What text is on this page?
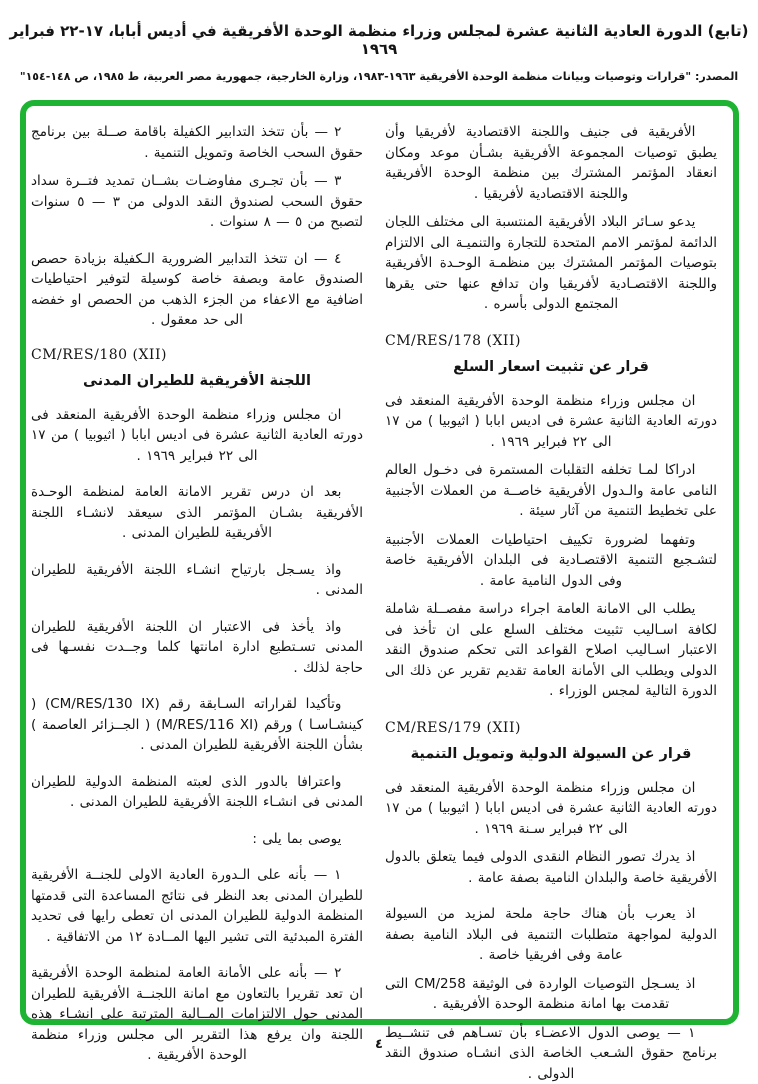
(تابع) الدورة العادية الثانية عشرة لمجلس وزراء منظمة الوحدة الأفريقية في أديس أبابا، ١٧-٢٢ فبراير ١٩٦٩
المصدر: "قرارات وتوصيات وبيانات منظمة الوحدة الأفريقية ١٩٦٣-١٩٨٣، وزارة الخارجية، جمهورية مصر العربية، ط ١٩٨٥، ص ١٤٨-١٥٤"

الأفريقية فى جنيف واللجنة الاقتصادية لأفريقيا وأن يطبق توصيات المجموعة الأفريقية بشـأن موعد ومكان انعقاد المؤتمر المشترك بين منظمة الوحدة الأفريقية واللجنة الاقتصادية لأفريقيا .

يدعو سـائر البلاد الأفريقية المنتسبة الى مختلف اللجان الدائمة لمؤتمر الامم المتحدة للتجارة والتنميـة الى الالتزام بتوصيات المؤتمر المشترك بين منظمـة الوحـدة الأفريقية واللجنة الاقتصـادية لأفريقيا وان تدافع عنها حتى يقرها المجتمع الدولى بأسره .

CM/RES/178 (XII)
قرار عن تثبيت اسعار السلع

ان مجلس وزراء منظمة الوحدة الأفريقية المنعقد فى دورته العادية الثانية عشرة فى اديس ابابا ( اثيوبيا ) من ١٧ الى ٢٢ فبراير ١٩٦٩ .

ادراكا لمـا تخلفه التقلبات المستمرة فى دخـول العالم النامى عامة والـدول الأفريقية خاصــة من العملات الأجنبية على تخطيط التنمية من آثار سيئة .

وتفهما لضرورة تكييف احتياطيات العملات الأجنبية لتشـجيع التنمية الاقتصـادية فى البلدان الأفريقية خاصة وفى الدول النامية عامة .

يطلب الى الامانة العامة اجراء دراسة مفصــلة شاملة لكافة اسـاليب تثبيت مختلف السلع على ان تأخذ فى الاعتبار اسـاليب اصلاح القواعد التى تحكم صندوق النقد الدولى ويطلب الى الأمانة العامة تقديم تقرير عن ذلك الى الدورة التالية لمجس الوزراء .

CM/RES/179 (XII)
قرار عن السيولة الدولية وتمويل التنمية

ان مجلس وزراء منظمة الوحدة الأفريقية المنعقد فى دورته العادية الثانية عشرة فى اديس ابابا ( اثيوبيا ) من ١٧ الى ٢٢ فبراير سـنة ١٩٦٩ .

اذ يدرك تصور النظام النقدى الدولى فيما يتعلق بالدول الأفريقية خاصة والبلدان النامية بصفة عامة .

اذ يعرب بأن هناك حاجة ملحة لمزيد من السيولة الدولية لمواجهة متطلبات التنمية فى البلاد النامية بصفة عامة وفى افريقيا خاصة .

اذ يسـجل التوصيات الواردة فى الوثيقة CM/258 التى تقدمت بها امانة منظمة الوحدة الأفريقية .

١ — يوصى الدول الاعضـاء بأن تسـاهم فى تنشــيط برنامج حقوق الشـعب الخاصة الذى انشـاه صندوق النقد الدولى .

٢ — بأن تتخذ التدابير الكفيلة باقامة صــلة بين برنامج حقوق السحب الخاصة وتمويل التنمية .

٣ — بأن تجـرى مفاوضـات بشــان تمديد فتــرة سداد حقوق السحب لصندوق النقد الدولى من ٣ — ٥ سنوات لتصبح من ٥ — ٨ سنوات .

٤ — ان تتخذ التدابير الضرورية الـكفيلة بزيادة حصص الصندوق عامة وبصفة خاصة كوسيلة لتوفير احتياطيات اضافية مع الاعفاء من الجزء الذهب من الحصص او خفضه الى حد معقول .

CM/RES/180 (XII)
اللجنة الأفريقية للطيران المدنى

ان مجلس وزراء منظمة الوحدة الأفريقية المنعقد فى دورته العادية الثانية عشرة فى اديس ابابا ( اثيوبيا ) من ١٧ الى ٢٢ فبراير ١٩٦٩ .

بعد ان درس تقرير الامانة العامة لمنظمة الوحـدة الأفريقية بشـان المؤتمر الذى سيعقد لانشـاء اللجنة الأفريقية للطيران المدنى .

واذ يسـجل بارتياح انشـاء اللجنة الأفريقية للطيران المدنى .

واذ يأخذ فى الاعتبار ان اللجنة الأفريقية للطيران المدنى تسـتطيع ادارة امانتها كلما وجــدت نفسـها فى حاجة لذلك .

وتأكيدا لقراراته السـابقة رقم (CM/RES/130 IX) ( كينشـاسـا ) ورقم (M/RES/116 XI) ( الجــزائر العاصمة ) بشأن اللجنة الأفريقية للطيران المدنى .

واعترافا بالدور الذى لعبته المنظمة الدولية للطيران المدنى فى انشـاء اللجنة الأفريقية للطيران المدنى .

يوصى بما يلى :

١ — بأنه على الـدورة العادية الاولى للجنــة الأفريقية للطيران المدنى بعد النظر فى نتائج المساعدة التى قدمتها المنظمة الدولية للطيران المدنى ان تعطى رايها فى تحديد الفترة المبدئية التى تشير اليها المــادة ١٢ من الاتفاقية .

٢ — بأنه على الأمانة العامة لمنظمة الوحدة الأفريقية ان تعد تقريرا بالتعاون مع امانة اللجنــة الأفريقية للطيران المدنى حول الالتزامات المــالية المترتبة على انشـاء هذه اللجنة وان يرفع هذا التقرير الى مجلس وزراء منظمة الوحدة الأفريقية .

٤
